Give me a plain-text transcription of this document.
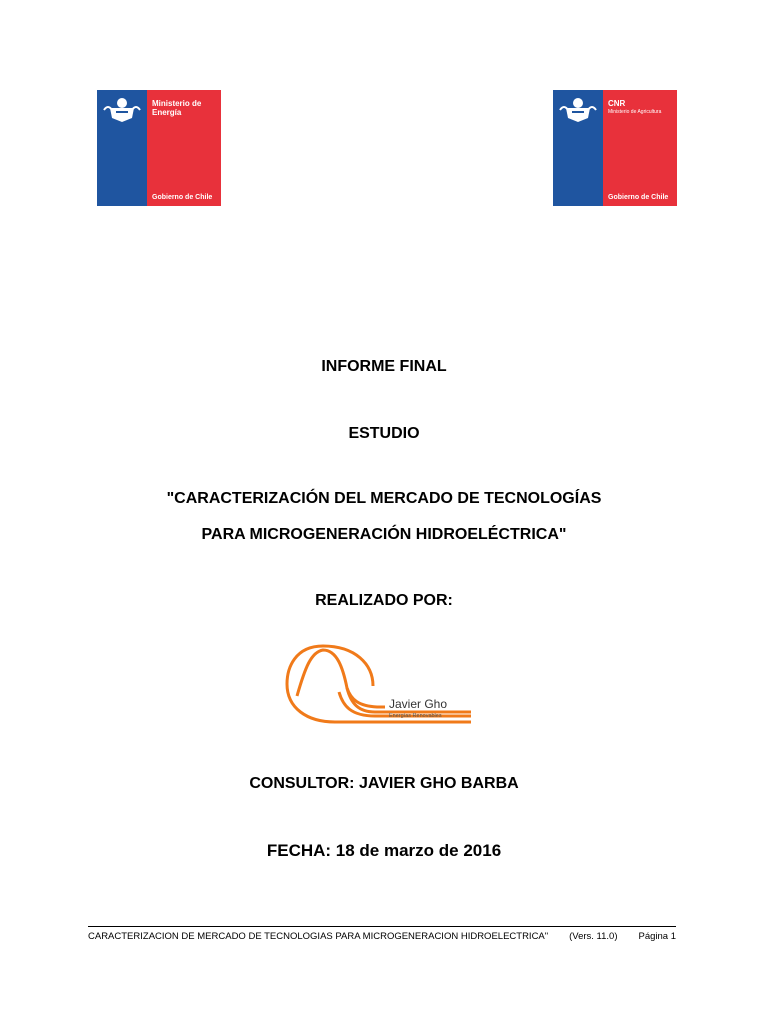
Ministerio de Energía
Gobierno de Chile
CNR
Ministerio de Agricultura
Gobierno de Chile
INFORME FINAL
ESTUDIO
"CARACTERIZACIÓN DEL MERCADO DE TECNOLOGÍAS
PARA MICROGENERACIÓN HIDROELÉCTRICA"
REALIZADO POR:
Javier Gho
Energías Renovables
CONSULTOR: JAVIER GHO BARBA
FECHA: 18 de marzo de 2016
CARACTERIZACION DE MERCADO DE TECNOLOGIAS PARA MICROGENERACION HIDROELECTRICA" (Vers. 11.0) Página 1
